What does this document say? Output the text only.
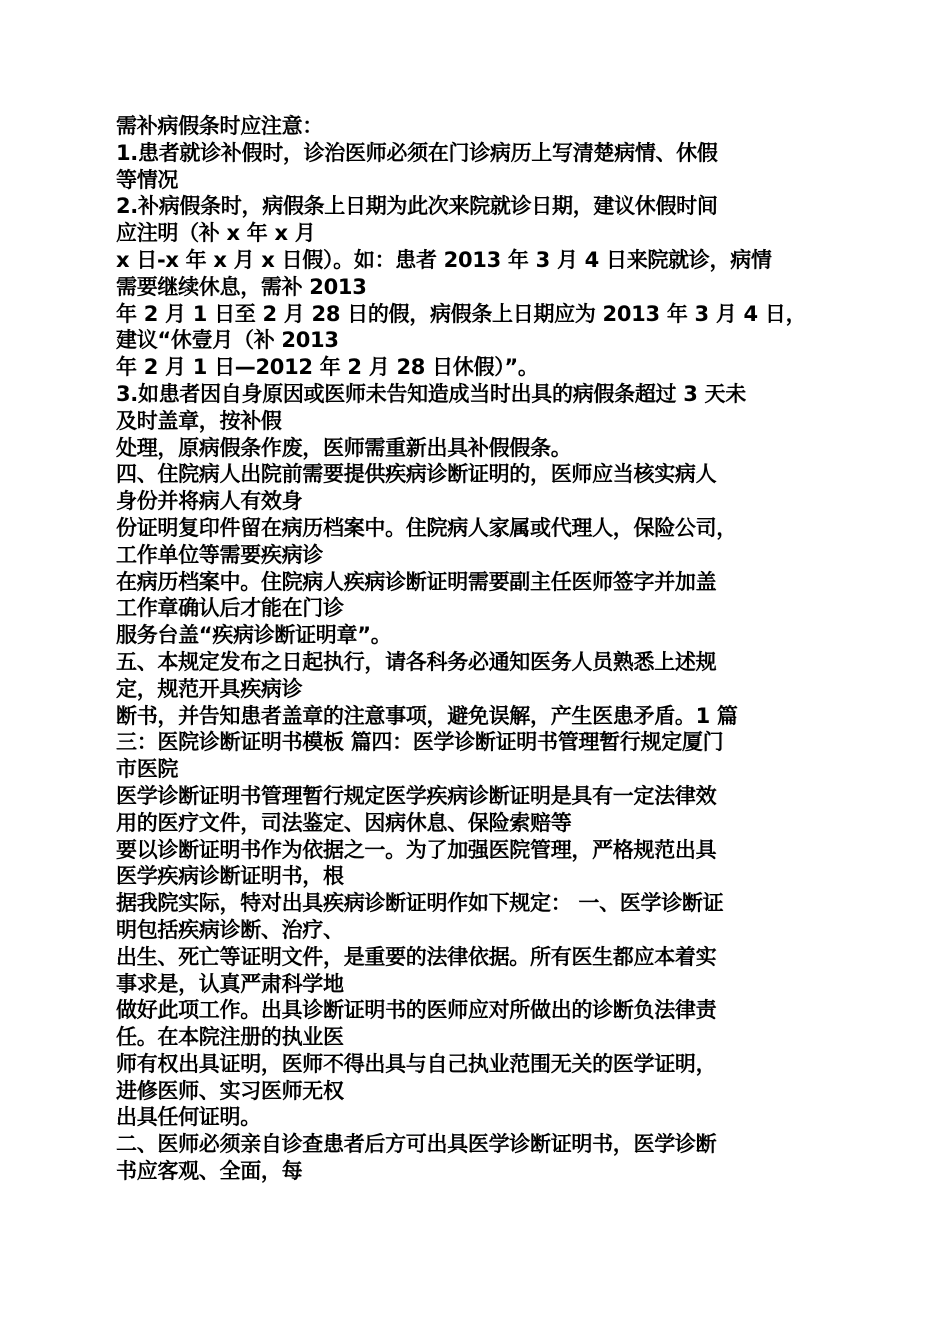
需补病假条时应注意：
1.患者就诊补假时，诊治医师必须在门诊病历上写清楚病情、休假
等情况
2.补病假条时，病假条上日期为此次来院就诊日期，建议休假时间
应注明（补 x 年 x 月
x 日-x 年 x 月 x 日假）。如：患者 2013 年 3 月 4 日来院就诊，病情
需要继续休息，需补 2013
年 2 月 1 日至 2 月 28 日的假，病假条上日期应为 2013 年 3 月 4 日，
建议“休壹月（补 2013
年 2 月 1 日—2012 年 2 月 28 日休假）”。
3.如患者因自身原因或医师未告知造成当时出具的病假条超过 3 天未
及时盖章，按补假
处理，原病假条作废，医师需重新出具补假假条。
四、住院病人出院前需要提供疾病诊断证明的，医师应当核实病人
身份并将病人有效身
份证明复印件留在病历档案中。住院病人家属或代理人，保险公司，
工作单位等需要疾病诊
在病历档案中。住院病人疾病诊断证明需要副主任医师签字并加盖
工作章确认后才能在门诊
服务台盖“疾病诊断证明章”。
五、本规定发布之日起执行，请各科务必通知医务人员熟悉上述规
定，规范开具疾病诊
断书，并告知患者盖章的注意事项，避免误解，产生医患矛盾。1 篇
三：医院诊断证明书模板 篇四：医学诊断证明书管理暂行规定厦门
市医院
医学诊断证明书管理暂行规定医学疾病诊断证明是具有一定法律效
用的医疗文件，司法鉴定、因病休息、保险索赔等
要以诊断证明书作为依据之一。为了加强医院管理，严格规范出具
医学疾病诊断证明书，根
据我院实际，特对出具疾病诊断证明作如下规定： 一、医学诊断证
明包括疾病诊断、治疗、
出生、死亡等证明文件，是重要的法律依据。所有医生都应本着实
事求是，认真严肃科学地
做好此项工作。出具诊断证明书的医师应对所做出的诊断负法律责
任。在本院注册的执业医
师有权出具证明，医师不得出具与自己执业范围无关的医学证明，
进修医师、实习医师无权
出具任何证明。
二、医师必须亲自诊查患者后方可出具医学诊断证明书，医学诊断
书应客观、全面，每
